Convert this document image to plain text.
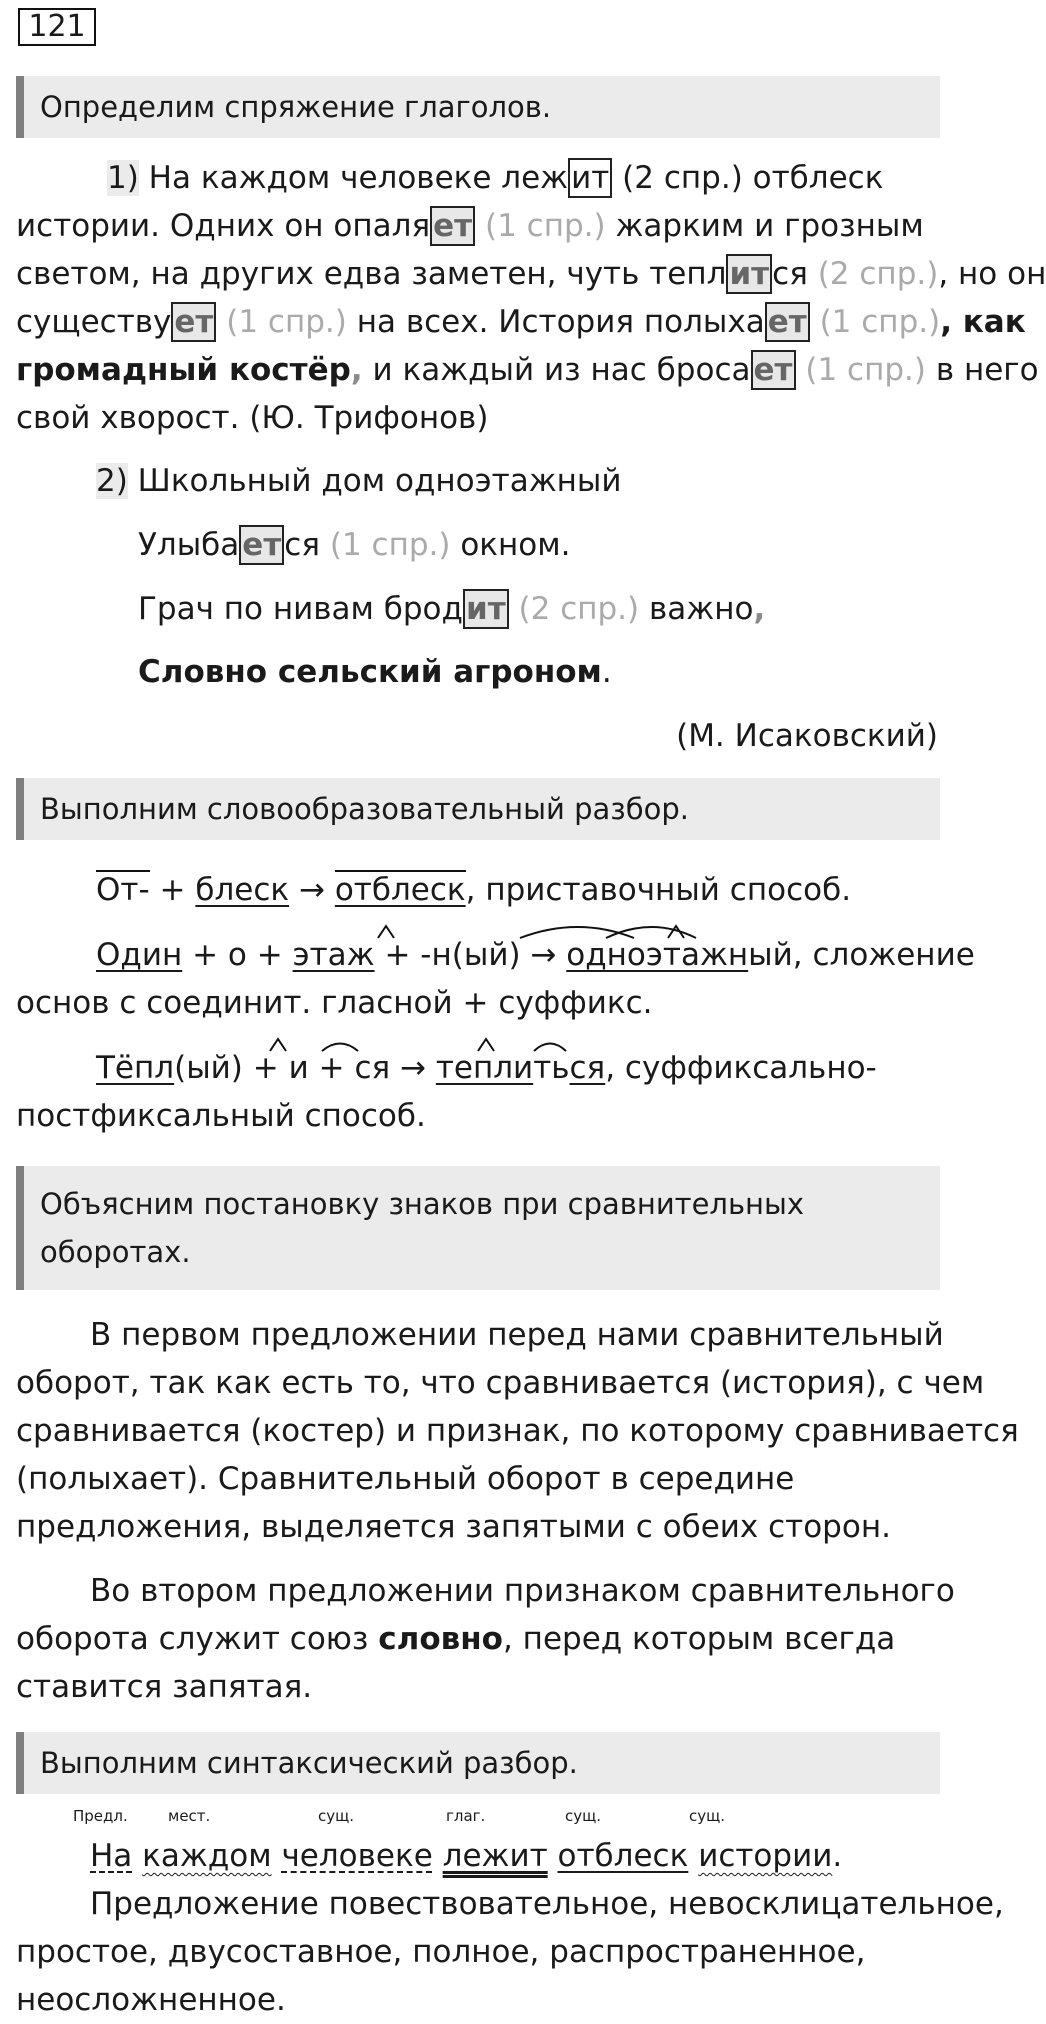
121
Определим спряжение глаголов.
1) На каждом человеке лежит (2 спр.) отблеск
истории. Одних он опаляет (1 спр.) жарким и грозным
светом, на других едва заметен, чуть теплится (2 спр.), но он
существует (1 спр.) на всех. История полыхает (1 спр.), как
громадный костёр, и каждый из нас бросает (1 спр.) в него
свой хворост. (Ю. Трифонов)
2) Школьный дом одноэтажный
Улыбается (1 спр.) окном.
Грач по нивам бродит (2 спр.) важно,
Словно сельский агроном.
(М. Исаковский)
Выполним словообразовательный разбор.
От- + блеск → отблеск, приставочный способ.
Один + о + этаж + -н(ый) → одноэтажный, сложение
основ с соединит. гласной + суффикс.
Тёпл(ый) + и + ся → теплиться, суффиксально-
постфиксальный способ.
Объясним постановку знаков при сравнительных
оборотах.
В первом предложении перед нами сравнительный
оборот, так как есть то, что сравнивается (история), с чем
сравнивается (костер) и признак, по которому сравнивается
(полыхает). Сравнительный оборот в середине
предложения, выделяется запятыми с обеих сторон.
Во втором предложении признаком сравнительного
оборота служит союз словно, перед которым всегда
ставится запятая.
Выполним синтаксический разбор.
Предл.	мест.	сущ.	глаг.	сущ.	сущ.
На каждом человеке лежит отблеск истории.
Предложение повествовательное, невосклицательное,
простое, двусоставное, полное, распространенное,
неосложненное.
